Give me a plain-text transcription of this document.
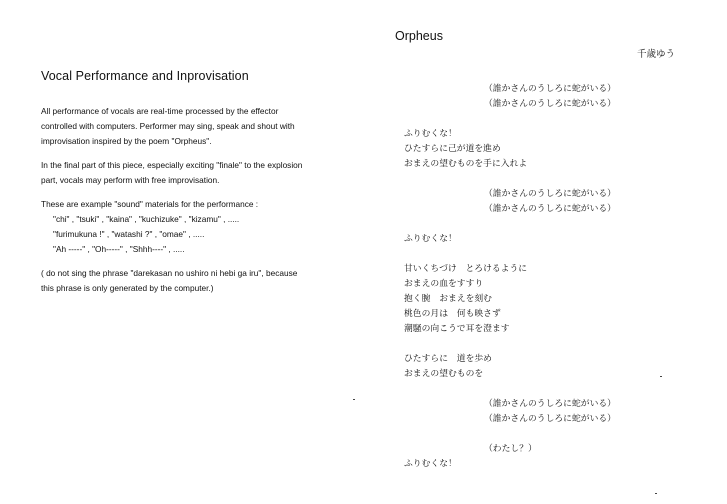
Vocal Performance and Inprovisation

All performance of vocals are real-time processed by the effector
controlled with computers. Performer may sing, speak and shout with
improvisation inspired by the poem "Orpheus".

In the final part of this piece, especially exciting "finale" to the explosion
part, vocals may perform with free improvisation.

These are example "sound" materials for the performance :
"chi" , "tsuki" , "kaina" , "kuchizuke" , "kizamu" , .....
"furimukuna !" , "watashi ?" , "omae" , .....
"Ah -----" , "Oh-----" , "Shhh----" , .....

( do not sing the phrase "darekasan no ushiro ni hebi ga iru", because
this phrase is only generated by the computer.)

Orpheus
千歳ゆう
（誰かさんのうしろに蛇がいる）
（誰かさんのうしろに蛇がいる）
ふりむくな！
ひたすらに己が道を進め
おまえの望むものを手に入れよ
（誰かさんのうしろに蛇がいる）
（誰かさんのうしろに蛇がいる）
ふりむくな！
甘いくちづけ　とろけるように
おまえの血をすすり
抱く腕　おまえを刻む
桃色の月は　何も映さず
潮騒の向こうで耳を澄ます
ひたすらに　道を歩め
おまえの望むものを
（誰かさんのうしろに蛇がいる）
（誰かさんのうしろに蛇がいる）
（わたし？）
ふりむくな！
